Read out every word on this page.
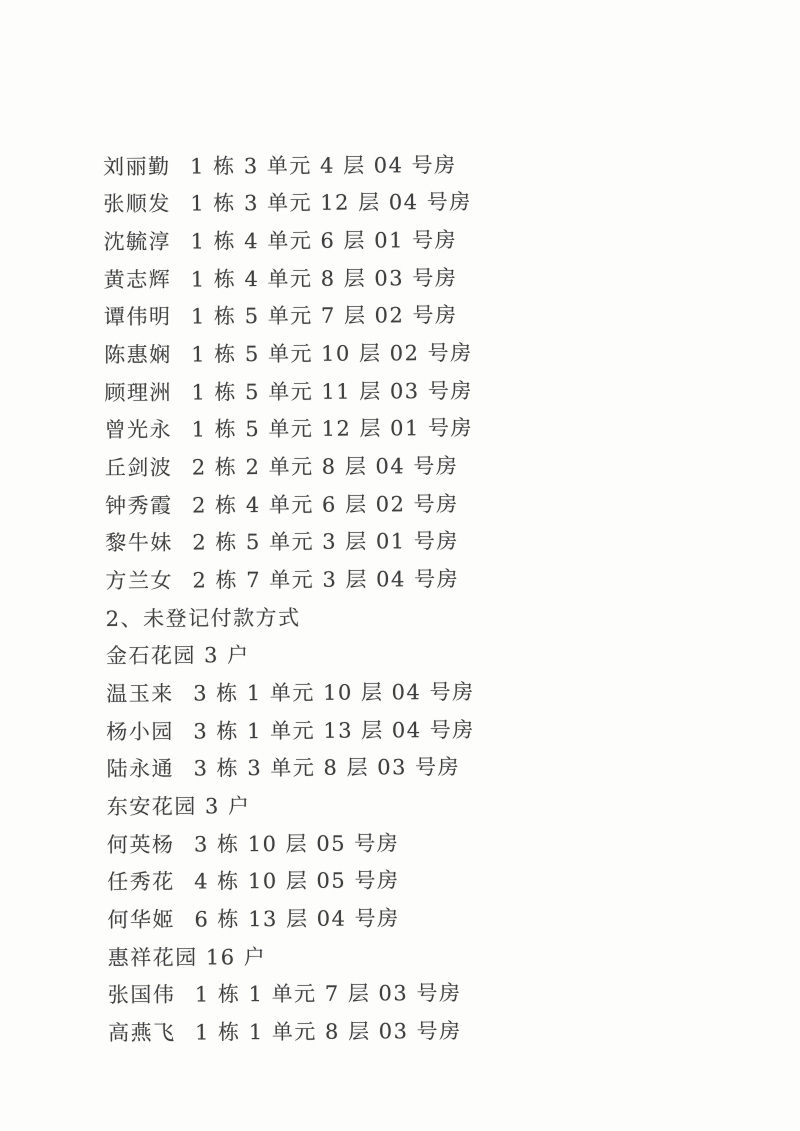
刘丽勤 1 栋 3 单元 4 层 04 号房
张顺发 1 栋 3 单元 12 层 04 号房
沈毓淳 1 栋 4 单元 6 层 01 号房
黄志辉 1 栋 4 单元 8 层 03 号房
谭伟明 1 栋 5 单元 7 层 02 号房
陈惠娴 1 栋 5 单元 10 层 02 号房
顾理洲 1 栋 5 单元 11 层 03 号房
曾光永 1 栋 5 单元 12 层 01 号房
丘剑波 2 栋 2 单元 8 层 04 号房
钟秀霞 2 栋 4 单元 6 层 02 号房
黎牛妹 2 栋 5 单元 3 层 01 号房
方兰女 2 栋 7 单元 3 层 04 号房
2、未登记付款方式
金石花园 3 户
温玉来 3 栋 1 单元 10 层 04 号房
杨小园 3 栋 1 单元 13 层 04 号房
陆永通 3 栋 3 单元 8 层 03 号房
东安花园 3 户
何英杨 3 栋 10 层 05 号房
任秀花 4 栋 10 层 05 号房
何华姬 6 栋 13 层 04 号房
惠祥花园 16 户
张国伟 1 栋 1 单元 7 层 03 号房
高燕飞 1 栋 1 单元 8 层 03 号房
